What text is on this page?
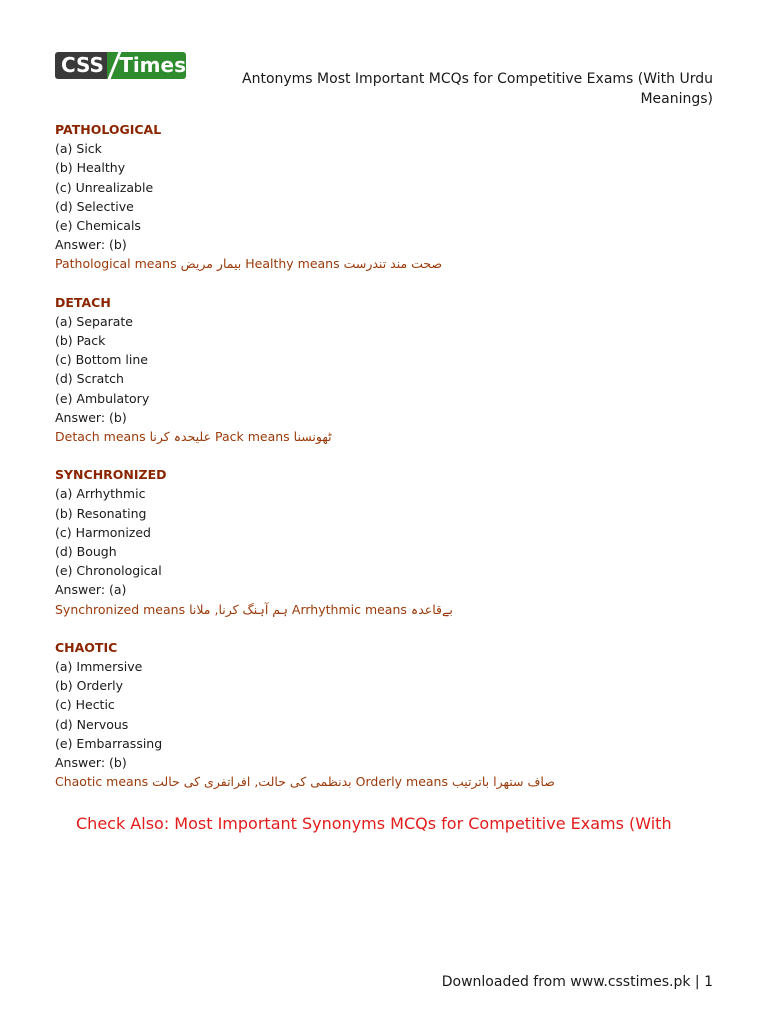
CSS Times
Antonyms Most Important MCQs for Competitive Exams (With Urdu Meanings)
PATHOLOGICAL
(a) Sick
(b) Healthy
(c) Unrealizable
(d) Selective
(e) Chemicals
Answer: (b)
Pathological means بیمار مریض Healthy means صحت مند تندرست
DETACH
(a) Separate
(b) Pack
(c) Bottom line
(d) Scratch
(e) Ambulatory
Answer: (b)
Detach means علیحدہ کرنا Pack means ٹھونسنا
SYNCHRONIZED
(a) Arrhythmic
(b) Resonating
(c) Harmonized
(d) Bough
(e) Chronological
Answer: (a)
Synchronized means ہم آہنگ کرنا, ملانا Arrhythmic means بےقاعدہ
CHAOTIC
(a) Immersive
(b) Orderly
(c) Hectic
(d) Nervous
(e) Embarrassing
Answer: (b)
Chaotic means بدنظمی کی حالت, افراتفری کی حالت Orderly means صاف ستھرا باترتیب
Check Also: Most Important Synonyms MCQs for Competitive Exams (With
Downloaded from www.csstimes.pk | 1
